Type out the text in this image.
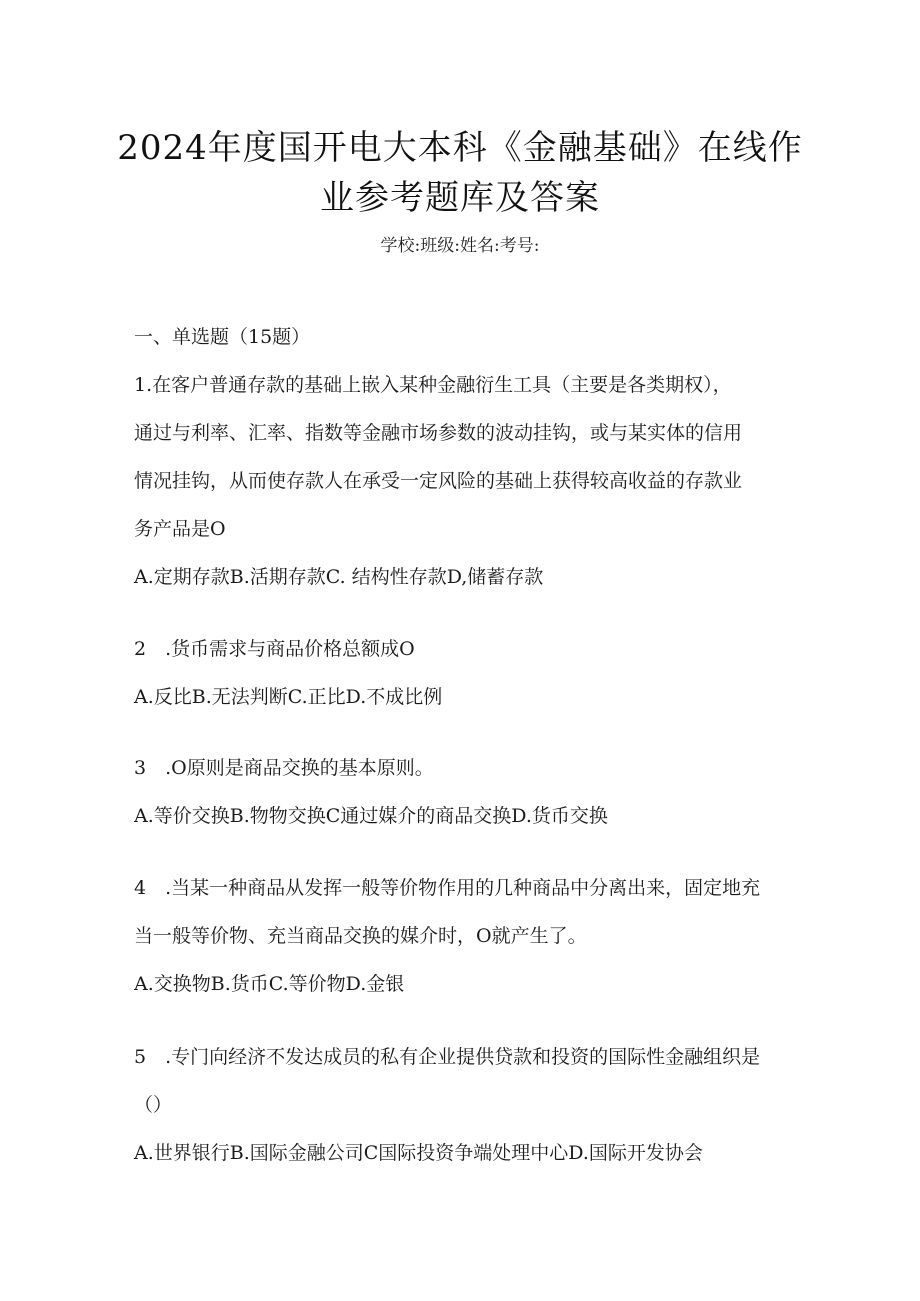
2024年度国开电大本科《金融基础》在线作
业参考题库及答案
学校:班级:姓名:考号:
一、单选题（15题）
1.在客户普通存款的基础上嵌入某种金融衍生工具（主要是各类期权），
通过与利率、汇率、指数等金融市场参数的波动挂钩，或与某实体的信用
情况挂钩，从而使存款人在承受一定风险的基础上获得较高收益的存款业
务产品是O
A.定期存款B.活期存款C. 结构性存款D,储蓄存款
2　.货币需求与商品价格总额成O
A.反比B.无法判断C.正比D.不成比例
3　.O原则是商品交换的基本原则。
A.等价交换B.物物交换C通过媒介的商品交换D.货币交换
4　.当某一种商品从发挥一般等价物作用的几种商品中分离出来，固定地充
当一般等价物、充当商品交换的媒介时，O就产生了。
A.交换物B.货币C.等价物D.金银
5　.专门向经济不发达成员的私有企业提供贷款和投资的国际性金融组织是
（）
A.世界银行B.国际金融公司C国际投资争端处理中心D.国际开发协会
